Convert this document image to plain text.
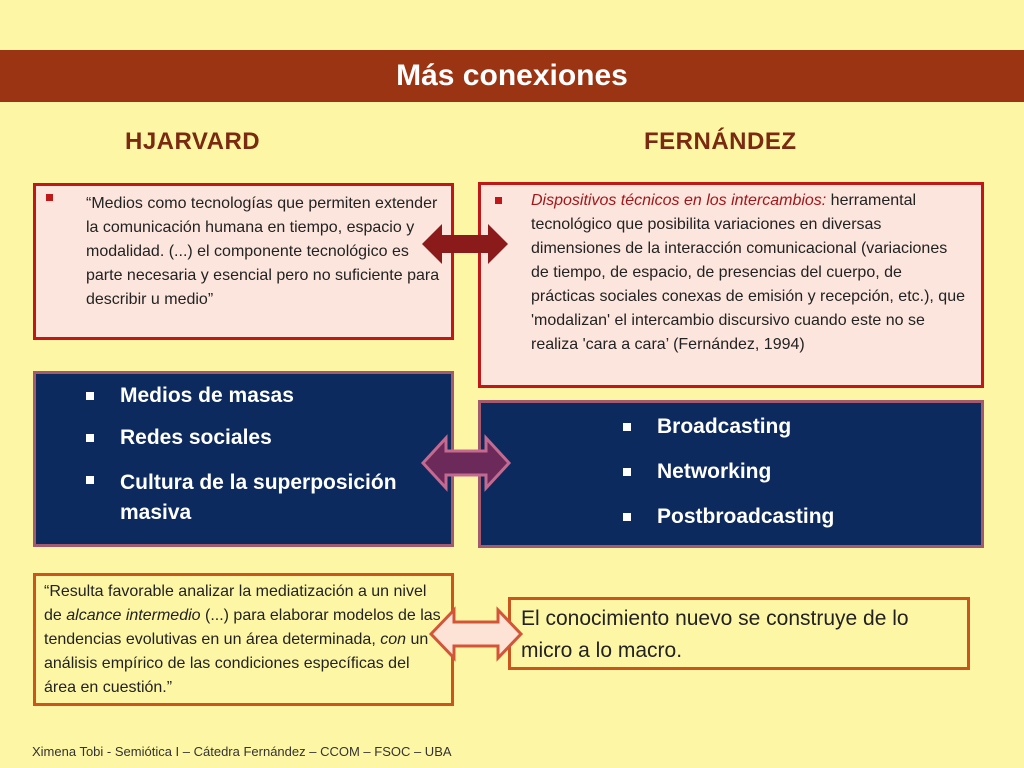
Más conexiones
HJARVARD	FERNÁNDEZ
“Medios como tecnologías que permiten extender la comunicación humana en tiempo, espacio y modalidad. (...) el componente tecnológico es parte necesaria y esencial pero no suficiente para describir u medio”
Dispositivos técnicos en los intercambios: herramental tecnológico que posibilita variaciones en diversas dimensiones de la interacción comunicacional (variaciones de tiempo, de espacio, de presencias del cuerpo, de prácticas sociales conexas de emisión y recepción, etc.), que 'modalizan' el intercambio discursivo cuando este no se realiza 'cara a cara’ (Fernández, 1994)
Medios de masas
Redes sociales
Cultura de la superposición masiva
Broadcasting
Networking
Postbroadcasting
“Resulta favorable analizar la mediatización a un nivel de alcance intermedio (...) para elaborar modelos de las tendencias evolutivas en un área determinada, con un análisis empírico de las condiciones específicas del área en cuestión.”
El conocimiento nuevo se construye de lo micro a lo macro.
Ximena Tobi - Semiótica I – Cátedra Fernández – CCOM – FSOC – UBA
